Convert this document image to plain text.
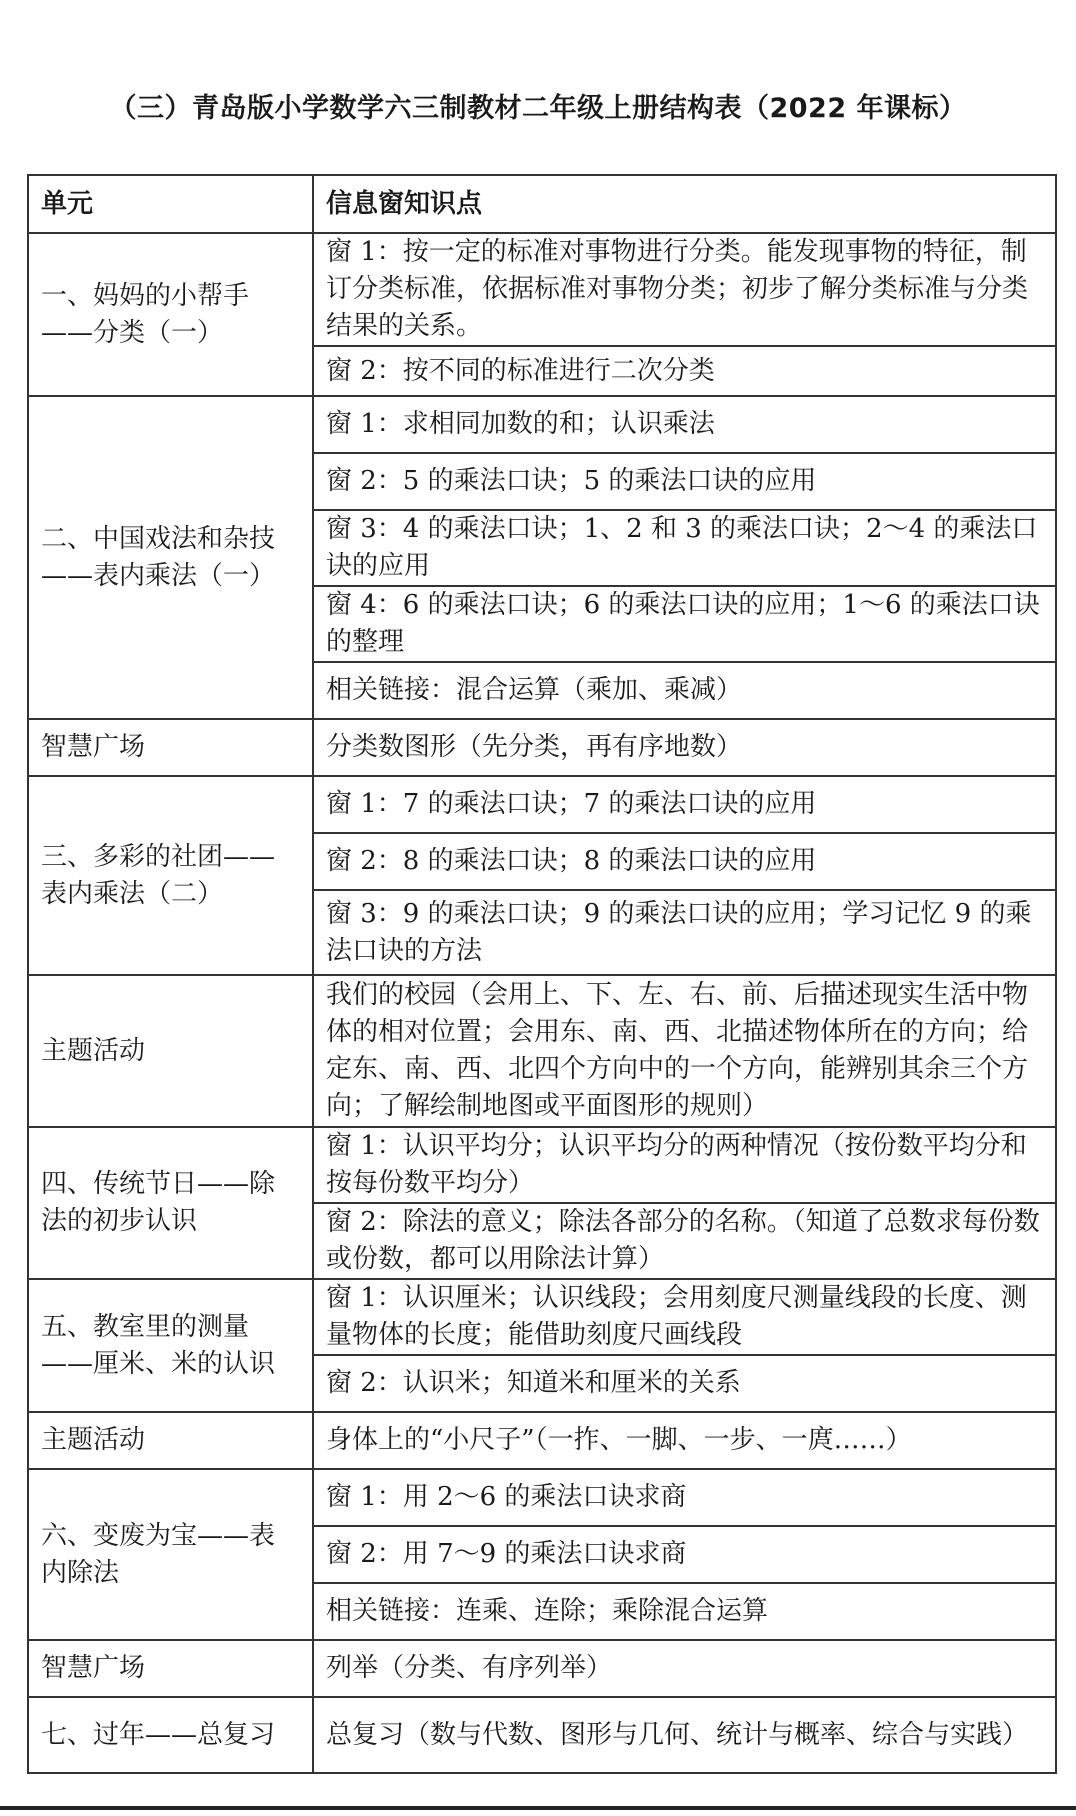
（三）青岛版小学数学六三制教材二年级上册结构表（2022 年课标）
单元	信息窗知识点
一、妈妈的小帮手——分类（一）	窗 1：按一定的标准对事物进行分类。能发现事物的特征，制订分类标准，依据标准对事物分类；初步了解分类标准与分类结果的关系。
	窗 2：按不同的标准进行二次分类
二、中国戏法和杂技——表内乘法（一）	窗 1：求相同加数的和；认识乘法
	窗 2：5 的乘法口诀；5 的乘法口诀的应用
	窗 3：4 的乘法口诀；1、2 和 3 的乘法口诀；2～4 的乘法口诀的应用
	窗 4：6 的乘法口诀；6 的乘法口诀的应用；1～6 的乘法口诀的整理
	相关链接：混合运算（乘加、乘减）
智慧广场	分类数图形（先分类，再有序地数）
三、多彩的社团——表内乘法（二）	窗 1：7 的乘法口诀；7 的乘法口诀的应用
	窗 2：8 的乘法口诀；8 的乘法口诀的应用
	窗 3：9 的乘法口诀；9 的乘法口诀的应用；学习记忆 9 的乘法口诀的方法
主题活动	我们的校园（会用上、下、左、右、前、后描述现实生活中物体的相对位置；会用东、南、西、北描述物体所在的方向；给定东、南、西、北四个方向中的一个方向，能辨别其余三个方向；了解绘制地图或平面图形的规则）
四、传统节日——除法的初步认识	窗 1：认识平均分；认识平均分的两种情况（按份数平均分和按每份数平均分）
	窗 2：除法的意义；除法各部分的名称。（知道了总数求每份数或份数，都可以用除法计算）
五、教室里的测量——厘米、米的认识	窗 1：认识厘米；认识线段；会用刻度尺测量线段的长度、测量物体的长度；能借助刻度尺画线段
	窗 2：认识米；知道米和厘米的关系
主题活动	身体上的“小尺子”（一拃、一脚、一步、一庹……）
六、变废为宝——表内除法	窗 1：用 2～6 的乘法口诀求商
	窗 2：用 7～9 的乘法口诀求商
	相关链接：连乘、连除；乘除混合运算
智慧广场	列举（分类、有序列举）
七、过年——总复习	总复习（数与代数、图形与几何、统计与概率、综合与实践）
